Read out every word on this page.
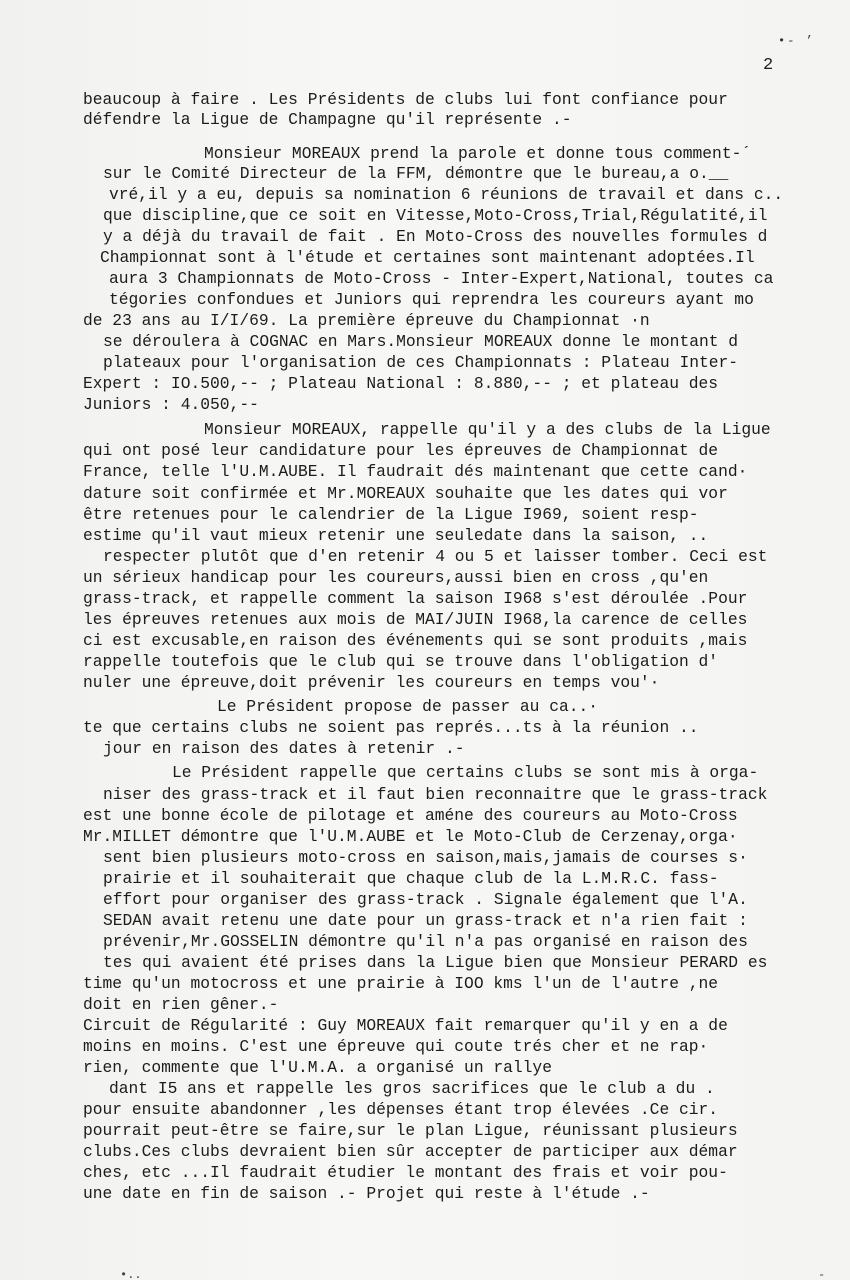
•- ’
2
beaucoup à faire . Les Présidents de clubs lui font confiance pour
défendre la Ligue de Champagne qu'il représente .-
Monsieur MOREAUX prend la parole et donne tous comment-´
sur le Comité Directeur de la FFM, démontre que le bureau,a o.__
vré,il y a eu, depuis sa nomination 6 réunions de travail et dans c..
que discipline,que ce soit en Vitesse,Moto-Cross,Trial,Régulatité,il
y a déjà du travail de fait . En Moto-Cross des nouvelles formules d
Championnat sont à l'étude et certaines sont maintenant adoptées.Il
aura 3 Championnats de Moto-Cross - Inter-Expert,National, toutes ca
tégories confondues et Juniors qui reprendra les coureurs ayant mo
de 23 ans au I/I/69. La première épreuve du Championnat ·n
se déroulera à COGNAC en Mars.Monsieur MOREAUX donne le montant d
plateaux pour l'organisation de ces Championnats : Plateau Inter-
Expert : IO.500,-- ; Plateau National : 8.880,-- ; et plateau des
Juniors : 4.050,--
Monsieur MOREAUX, rappelle qu'il y a des clubs de la Ligue
qui ont posé leur candidature pour les épreuves de Championnat de
France, telle l'U.M.AUBE. Il faudrait dés maintenant que cette cand·
dature soit confirmée et Mr.MOREAUX souhaite que les dates qui vor
être retenues pour le calendrier de la Ligue I969, soient resp-
estime qu'il vaut mieux retenir une seuledate dans la saison, ..
respecter plutôt que d'en retenir 4 ou 5 et laisser tomber. Ceci est
un sérieux handicap pour les coureurs,aussi bien en cross ,qu'en
grass-track, et rappelle comment la saison I968 s'est déroulée .Pour
les épreuves retenues aux mois de MAI/JUIN I968,la carence de celles
ci est excusable,en raison des événements qui se sont produits ,mais
rappelle toutefois que le club qui se trouve dans l'obligation d'
nuler une épreuve,doit prévenir les coureurs en temps vou'·
Le Président propose de passer au ca..·
te que certains clubs ne soient pas représ...ts à la réunion ..
jour en raison des dates à retenir .-
Le Président rappelle que certains clubs se sont mis à orga-
niser des grass-track et il faut bien reconnaitre que le grass-track
est une bonne école de pilotage et améne des coureurs au Moto-Cross
Mr.MILLET démontre que l'U.M.AUBE et le Moto-Club de Cerzenay,orga·
sent bien plusieurs moto-cross en saison,mais,jamais de courses s·
prairie et il souhaiterait que chaque club de la L.M.R.C. fass-
effort pour organiser des grass-track . Signale également que l'A.
SEDAN avait retenu une date pour un grass-track et n'a rien fait :
prévenir,Mr.GOSSELIN démontre qu'il n'a pas organisé en raison des
tes qui avaient été prises dans la Ligue bien que Monsieur PERARD es
time qu'un motocross et une prairie à IOO kms l'un de l'autre ,ne
doit en rien gêner.-
Circuit de Régularité : Guy MOREAUX fait remarquer qu'il y en a de
moins en moins. C'est une épreuve qui coute trés cher et ne rap·
rien, commente que l'U.M.A. a organisé un rallye
dant I5 ans et rappelle les gros sacrifices que le club a du .
pour ensuite abandonner ,les dépenses étant trop élevées .Ce cir.
pourrait peut-être se faire,sur le plan Ligue, réunissant plusieurs
clubs.Ces clubs devraient bien sûr accepter de participer aux démar
ches, etc ...Il faudrait étudier le montant des frais et voir pou-
une date en fin de saison .- Projet qui reste à l'étude .-
•..	-
